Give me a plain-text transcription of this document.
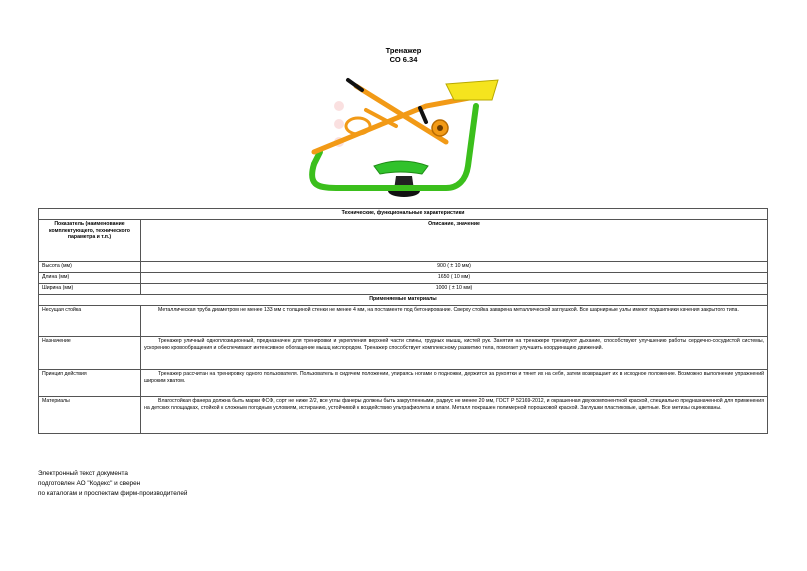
Тренажер
СО 6.34
Технические, функциональные характеристики	
Показатель (наименование комплектующего, технического параметра и т.п.)	Описание, значение
Высота (мм)	900 ( ± 10 мм)
Длина (мм)	1650 ( 10 мм)
Ширина (мм)	1000 ( ± 10 мм)
Применяемые материалы	
Несущая стойка	Металлическая труба диаметром не менее 133 мм с толщиной стенки не менее 4 мм, на постаменте под бетонирование. Сверху стойка заварена металлической заглушкой. Все шарнирные узлы имеют подшипники качения закрытого типа.
Назначение	Тренажер уличный одноплозиционный, предназначен для тренировки и укрепления верхней части спины, грудных мышц, кистей рук. Занятия на тренажере тренируют дыхание, способствуют улучшению работы сердечно-сосудистой системы, ускорению кровообращения и обеспечивают интенсивное обогащение мышц кислородом. Тренажер способствует комплексному развитию тела, помогает улучшить координацию движений.
Принцип действия	Тренажер рассчитан на тренировку одного пользователя. Пользователь в сидячем положении, упираясь ногами о подножки, держится за рукоятки и тянет их на себя, затем возвращает их в исходное положение. Возможно выполнение упражнений широким хватом.
Материалы	Влагостойкая фанера должна быть марки ФСФ, сорт не ниже 2/2, все углы фанеры должны быть закругленными, радиус не менее 20 мм, ГОСТ Р 52169-2012, и окрашенная двухкомпонентной краской, специально предназначенной для применения на детских площадках, стойкой к сложным погодным условиям, истиранию, устойчивой к воздействию ультрафиолета и влаги. Металл покрашен полимерной порошковой краской. Заглушки пластиковые, цветные. Все метизы оцинкованы.
Электронный текст документа
подготовлен АО "Кодекс" и сверен
по каталогам и проспектам фирм-производителей
